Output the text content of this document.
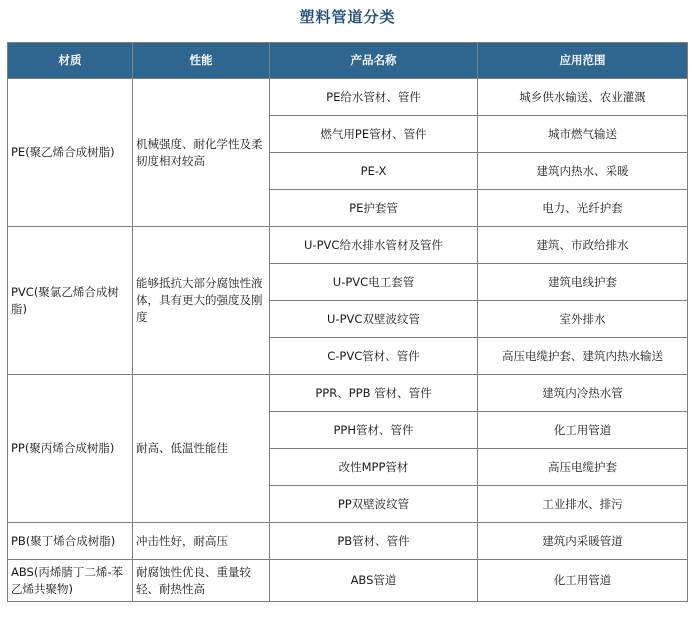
塑料管道分类
材质	性能	产品名称	应用范围
PE(聚乙烯合成树脂)	机械强度、耐化学性及柔韧度相对较高	PE给水管材、管件	城乡供水输送、农业灌溉
		燃气用PE管材、管件	城市燃气输送
		PE-X	建筑内热水、采暖
		PE护套管	电力、光纤护套
PVC(聚氯乙烯合成树脂)	能够抵抗大部分腐蚀性液体，具有更大的强度及刚度	U-PVC给水排水管材及管件	建筑、市政给排水
		U-PVC电工套管	建筑电线护套
		U-PVC双壁波纹管	室外排水
		C-PVC管材、管件	高压电缆护套、建筑内热水输送
PP(聚丙烯合成树脂)	耐高、低温性能佳	PPR、PPB 管材、管件	建筑内冷热水管
		PPH管材、管件	化工用管道
		改性MPP管材	高压电缆护套
		PP双壁波纹管	工业排水、排污
PB(聚丁烯合成树脂)	冲击性好，耐高压	PB管材、管件	建筑内采暖管道
ABS(丙烯腈丁二烯-苯乙烯共聚物)	耐腐蚀性优良、重量较轻、耐热性高	ABS管道	化工用管道
